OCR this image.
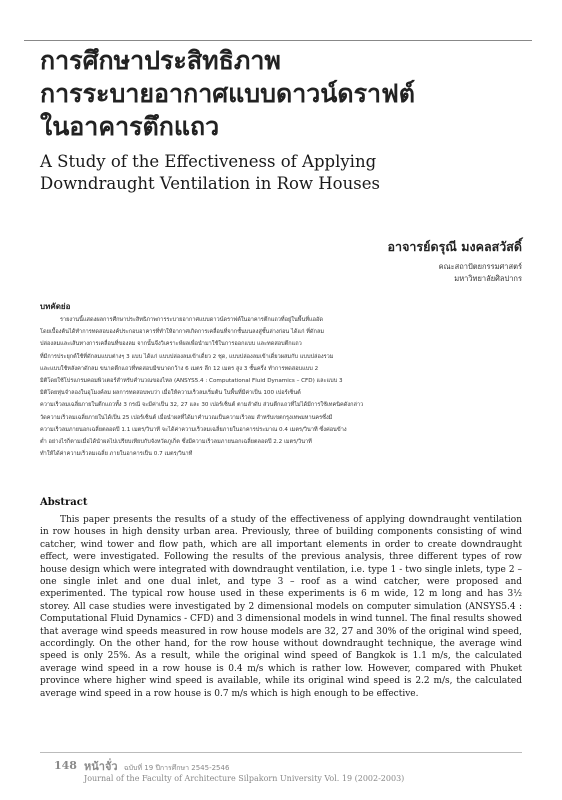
การศึกษาประสิทธิภาพ
การระบายอากาศแบบดาวน์ดราฟต์
ในอาคารตึกแถว
A Study of the Effectiveness of Applying
Downdraught Ventilation in Row Houses
อาจารย์ดรุณี มงคลสวัสดิ์
คณะสถาปัตยกรรมศาสตร์
มหาวิทยาลัยศิลปากร
บทคัดย่อ
รายงานนี้แสดงผลการศึกษาประสิทธิภาพการระบายอากาศแบบดาวน์ดราฟต์ในอาคารตึกแถวที่อยู่ในพื้นที่แออัด
โดยเบื้องต้นได้ทำการทดสอบองค์ประกอบอาคารที่ทำให้อากาศเกิดการเคลื่อนที่จากชั้นบนลงสู่ชั้นล่างก่อน ได้แก่ ที่ดักลม
ปล่องลมและเส้นทางการเคลื่อนที่ของลม จากนั้นจึงวิเคราะห์ผลเพื่อนำมาใช้ในการออกแบบ และทดสอบตึกแถว
ที่มีการประยุกต์ใช้ที่ดักลมแบบต่างๆ 3 แบบ ได้แก่ แบบปล่องลมเข้าเดี่ยว 2 ชุด, แบบปล่องลมเข้าเดี่ยวผสมกับ แบบปล่องรวม
และแบบใช้หลังคาดักลม ขนาดตึกแถวที่ทดสอบมีขนาดกว้าง 6 เมตร ลึก 12 เมตร สูง 3 ชั้นครึ่ง ทำการทดสอบแบบ 2
มิติโดยใช้โปรแกรมคอมพิวเตอร์สำหรับคำนวณของไหล (ANSYS5.4 : Computational Fluid Dynamics – CFD) และแบบ 3
มิติโดยหุ่นจำลองในอุโมงค์ลม ผลการทดสอบพบว่า เมื่อให้ความเร็วลมเริ่มต้น ในพื้นที่มีค่าเป็น 100 เปอร์เซ็นต์
ความเร็วลมเฉลี่ยภายในตึกแถวทั้ง 3 กรณี จะมีค่าเป็น 32, 27 และ 30 เปอร์เซ็นต์ ตามลำดับ ส่วนตึกแถวที่ไม่ได้มีการใช้เทคนิคดังกล่าว
วัดความเร็วลมเฉลี่ยภายในได้เป็น 25 เปอร์เซ็นต์ เมื่อนำผลที่ได้มาคำนวณเป็นความเร็วลม สำหรับเขตกรุงเทพมหานครซึ่งมี
ความเร็วลมภายนอกเฉลี่ยตลอดปี 1.1 เมตร/วินาที จะได้ค่าความเร็วลมเฉลี่ยภายในอาคารประมาณ 0.4 เมตร/วินาที ซึ่งค่อนข้าง
ต่ำ อย่างไรก็ตามเมื่อได้นำผลไปเปรียบเทียบกับจังหวัดภูเก็ต ซึ่งมีความเร็วลมภายนอกเฉลี่ยตลอดปี 2.2 เมตร/วินาที
ทำให้ได้ค่าความเร็วลมเฉลี่ย ภายในอาคารเป็น 0.7 เมตร/วินาที
Abstract
This paper presents the results of a study of the effectiveness of applying downdraught ventilation in row houses in high density urban area. Previously, three of building components consisting of wind catcher, wind tower and flow path, which are all important elements in order to create downdraught effect, were investigated. Following the results of the previous analysis, three different types of row house design which were integrated with downdraught ventilation, i.e. type 1 - two single inlets, type 2 – one single inlet and one dual inlet, and type 3 – roof as a wind catcher, were proposed and experimented. The typical row house used in these experiments is 6 m wide, 12 m long and has 3½ storey. All case studies were investigated by 2 dimensional models on computer simulation (ANSYS5.4 : Computational Fluid Dynamics - CFD) and 3 dimensional models in wind tunnel. The final results showed that average wind speeds measured in row house models are 32, 27 and 30% of the original wind speed, accordingly. On the other hand, for the row house without downdraught technique, the average wind speed is only 25%. As a result, while the original wind speed of Bangkok is 1.1 m/s, the calculated average wind speed in a row house is 0.4 m/s which is rather low. However, compared with Phuket province where higher wind speed is available, while its original wind speed is 2.2 m/s, the calculated average wind speed in a row house is 0.7 m/s which is high enough to be effective.
148 หน้าจั่ว ฉบับที่ 19 ปีการศึกษา 2545-2546
Journal of the Faculty of Architecture Silpakorn University Vol. 19 (2002-2003)
